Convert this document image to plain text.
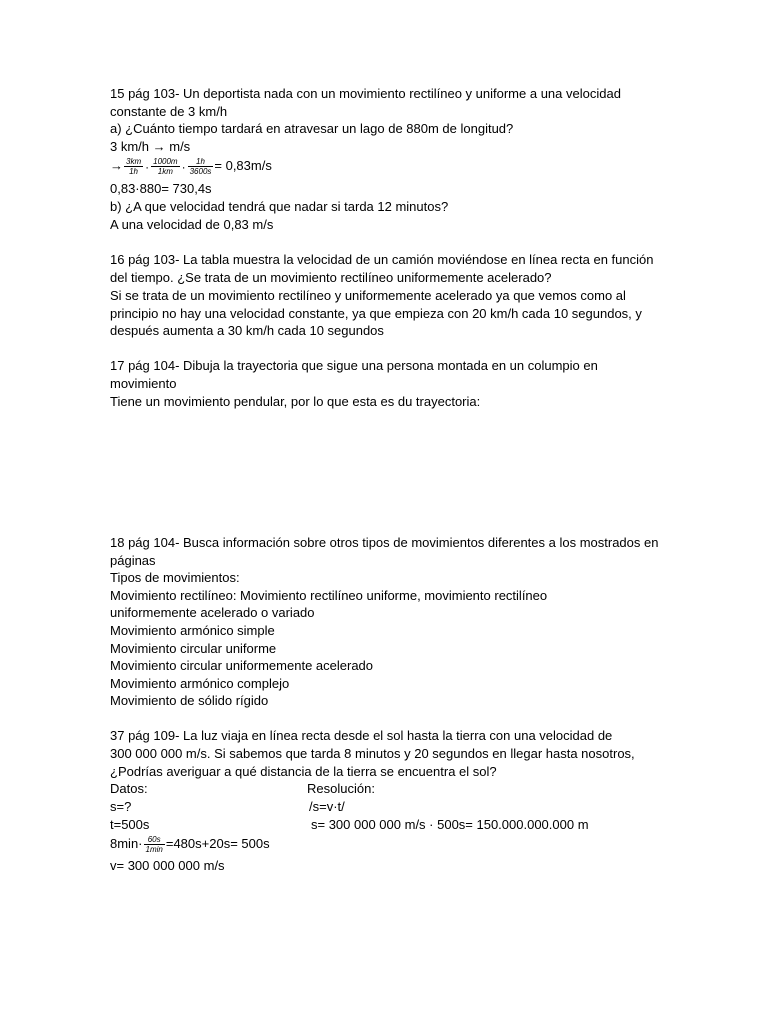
15 pág 103- Un deportista nada con un movimiento rectilíneo y uniforme a una velocidad
constante de 3 km/h
a) ¿Cuánto tiempo tardará en atravesar un lago de 880m de longitud?
3 km/h → m/s
→ $\frac{3km}{1h} \cdot \frac{1000m}{1km} \cdot \frac{1h}{3600s} = 0,83m/s$
0,83·880= 730,4s
b) ¿A que velocidad tendrá que nadar si tarda 12 minutos?
A una velocidad de 0,83 m/s
16 pág 103- La tabla muestra la velocidad de un camión moviéndose en línea recta en función
del tiempo. ¿Se trata de un movimiento rectilíneo uniformemente acelerado?
Si se trata de un movimiento rectilíneo y uniformemente acelerado ya que vemos como al
principio no hay una velocidad constante, ya que empieza con 20 km/h cada 10 segundos, y
después aumenta a 30 km/h cada 10 segundos
17 pág 104- Dibuja la trayectoria que sigue una persona montada en un columpio en
movimiento
Tiene un movimiento pendular, por lo que esta es du trayectoria:
18 pág 104- Busca información sobre otros tipos de movimientos diferentes a los mostrados en
páginas
Tipos de movimientos:
Movimiento rectilíneo: Movimiento rectilíneo uniforme, movimiento rectilíneo
uniformemente acelerado o variado
Movimiento armónico simple
Movimiento circular uniforme
Movimiento circular uniformemente acelerado
Movimiento armónico complejo
Movimiento de sólido rígido
37 pág 109- La luz viaja en línea recta desde el sol hasta la tierra con una velocidad de
300 000 000 m/s. Si sabemos que tarda 8 minutos y 20 segundos en llegar hasta nosotros,
¿Podrías averiguar a qué distancia de la tierra se encuentra el sol?
Datos:	Resolución:
s=?	/s=v·t/
t=500s	s= 300 000 000 m/s · 500s= 150.000.000.000 m
$8\min\cdot \frac{60s}{1\min} =480s+20s= 500s$
v= 300 000 000 m/s
